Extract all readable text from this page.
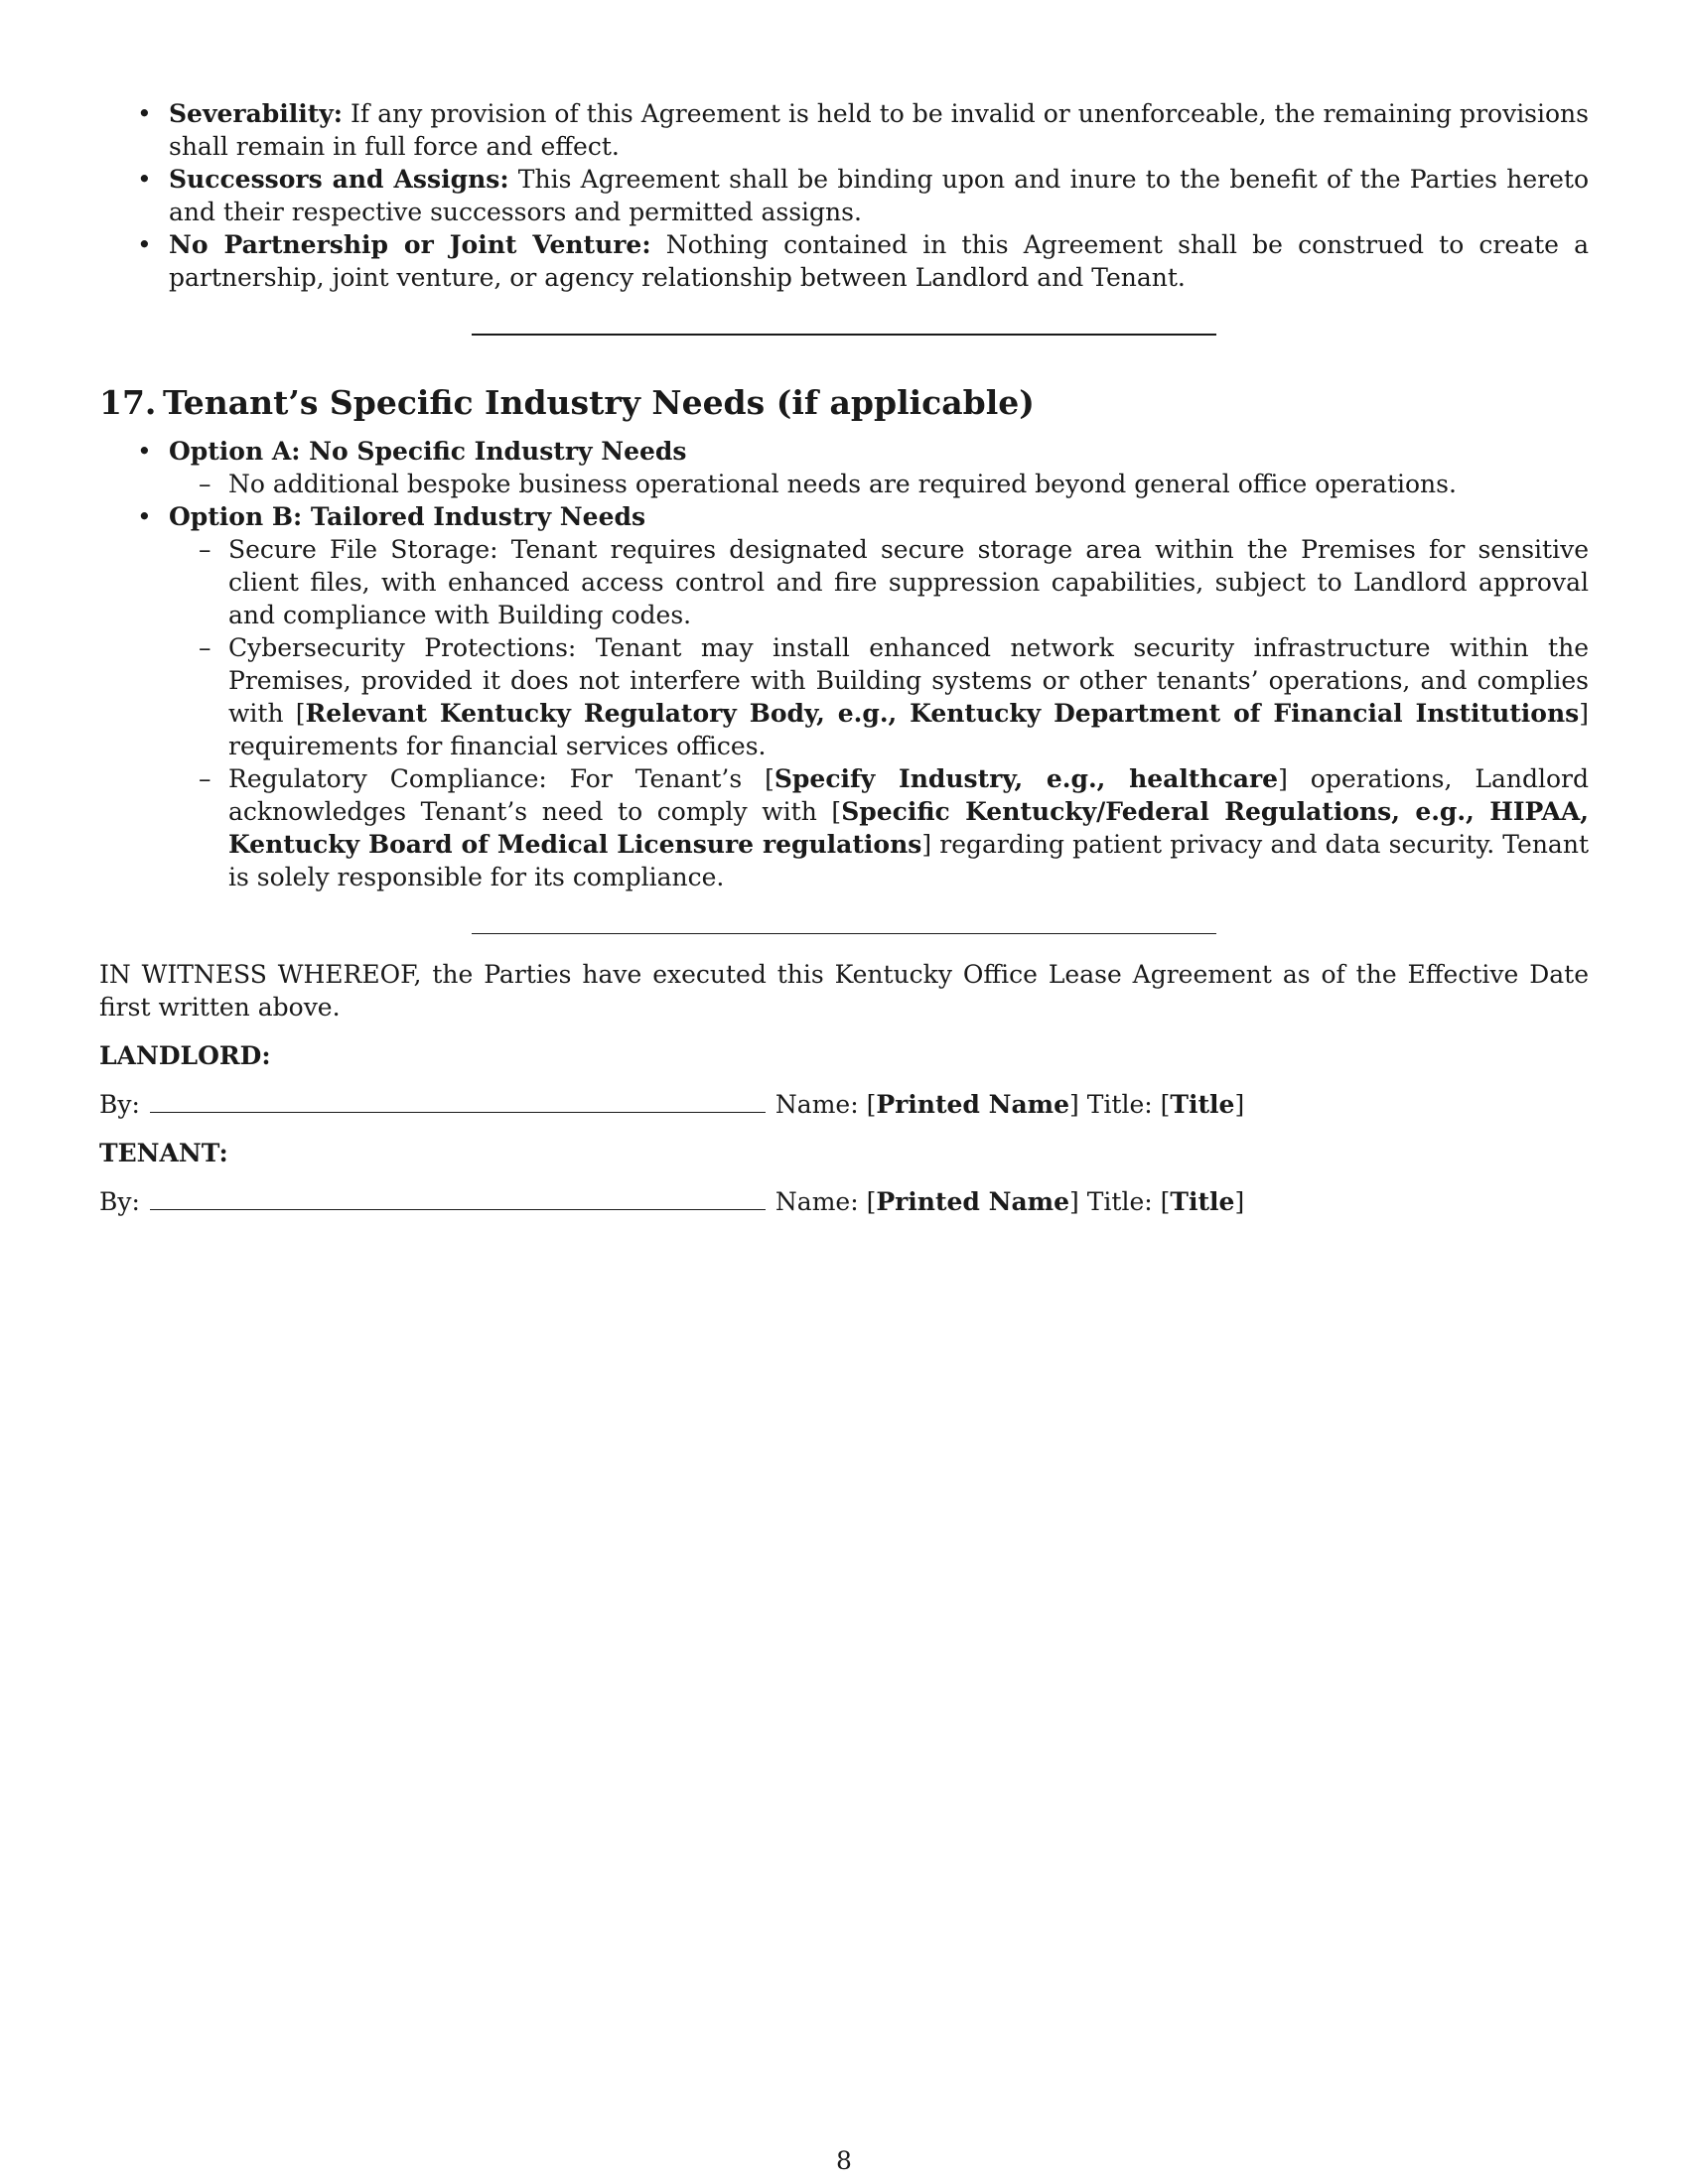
• Severability: If any provision of this Agreement is held to be invalid or unenforceable, the remaining provisions shall remain in full force and effect.
• Successors and Assigns: This Agreement shall be binding upon and inure to the benefit of the Parties hereto and their respective successors and permitted assigns.
• No Partnership or Joint Venture: Nothing contained in this Agreement shall be construed to create a partnership, joint venture, or agency relationship between Landlord and Tenant.
17. Tenant’s Specific Industry Needs (if applicable)
• Option A: No Specific Industry Needs
– No additional bespoke business operational needs are required beyond general office operations.
• Option B: Tailored Industry Needs
– Secure File Storage: Tenant requires designated secure storage area within the Premises for sensitive client files, with enhanced access control and fire suppression capabilities, subject to Landlord approval and compliance with Building codes.
– Cybersecurity Protections: Tenant may install enhanced network security infrastructure within the Premises, provided it does not interfere with Building systems or other tenants’ operations, and complies with [Relevant Kentucky Regulatory Body, e.g., Kentucky Department of Financial Institutions] requirements for financial services offices.
– Regulatory Compliance: For Tenant’s [Specify Industry, e.g., healthcare] operations, Landlord acknowledges Tenant’s need to comply with [Specific Kentucky/Federal Regulations, e.g., HIPAA, Kentucky Board of Medical Licensure regulations] regarding patient privacy and data security. Tenant is solely responsible for its compliance.

IN WITNESS WHEREOF, the Parties have executed this Kentucky Office Lease Agreement as of the Effective Date first written above.

LANDLORD:

By:	Name: [ Printed Name ] Title: [ Title ]

TENANT:

By:	Name: [ Printed Name ] Title: [ Title ]
8
